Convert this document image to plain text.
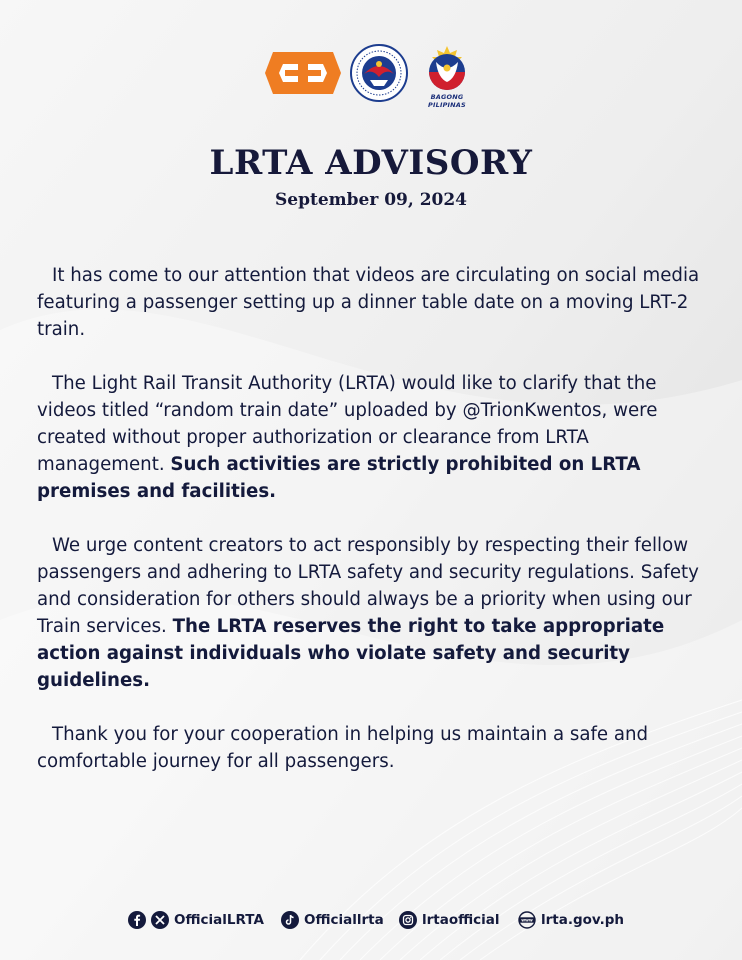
BAGONG PILIPINAS
LRTA ADVISORY

September 09, 2024

It has come to our attention that videos are circulating on social media featuring a passenger setting up a dinner table date on a moving LRT-2 train.

The Light Rail Transit Authority (LRTA) would like to clarify that the videos titled “random train date” uploaded by @TrionKwentos, were created without proper authorization or clearance from LRTA management. Such activities are strictly prohibited on LRTA premises and facilities.

We urge content creators to act responsibly by respecting their fellow passengers and adhering to LRTA safety and security regulations. Safety and consideration for others should always be a priority when using our Train services. The LRTA reserves the right to take appropriate action against individuals who violate safety and security guidelines.

Thank you for your cooperation in helping us maintain a safe and comfortable journey for all passengers.

OfficialLRTA	Officiallrta	lrtaofficial	www lrta.gov.ph
